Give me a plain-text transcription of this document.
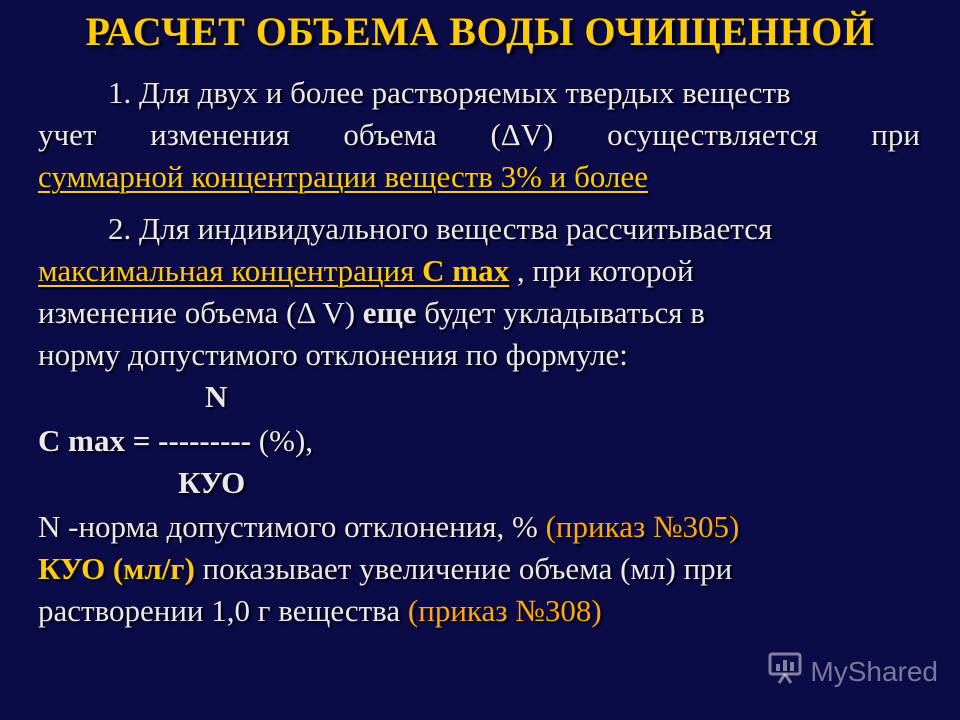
РАСЧЕТ ОБЪЕМА ВОДЫ ОЧИЩЕННОЙ
1. Для двух и более растворяемых твердых веществ
учет изменения объема (ΔV) осуществляется при
суммарной концентрации веществ 3% и более
2. Для индивидуального вещества рассчитывается
максимальная концентрация С max , при которой
изменение объема (Δ V) еще будет укладываться в
норму допустимого отклонения по формуле:
N
С max = --------- (%),
КУО
N -норма допустимого отклонения, % (приказ №305)
КУО (мл/г) показывает увеличение объема (мл) при
растворении 1,0 г вещества (приказ №308)
MyShared
